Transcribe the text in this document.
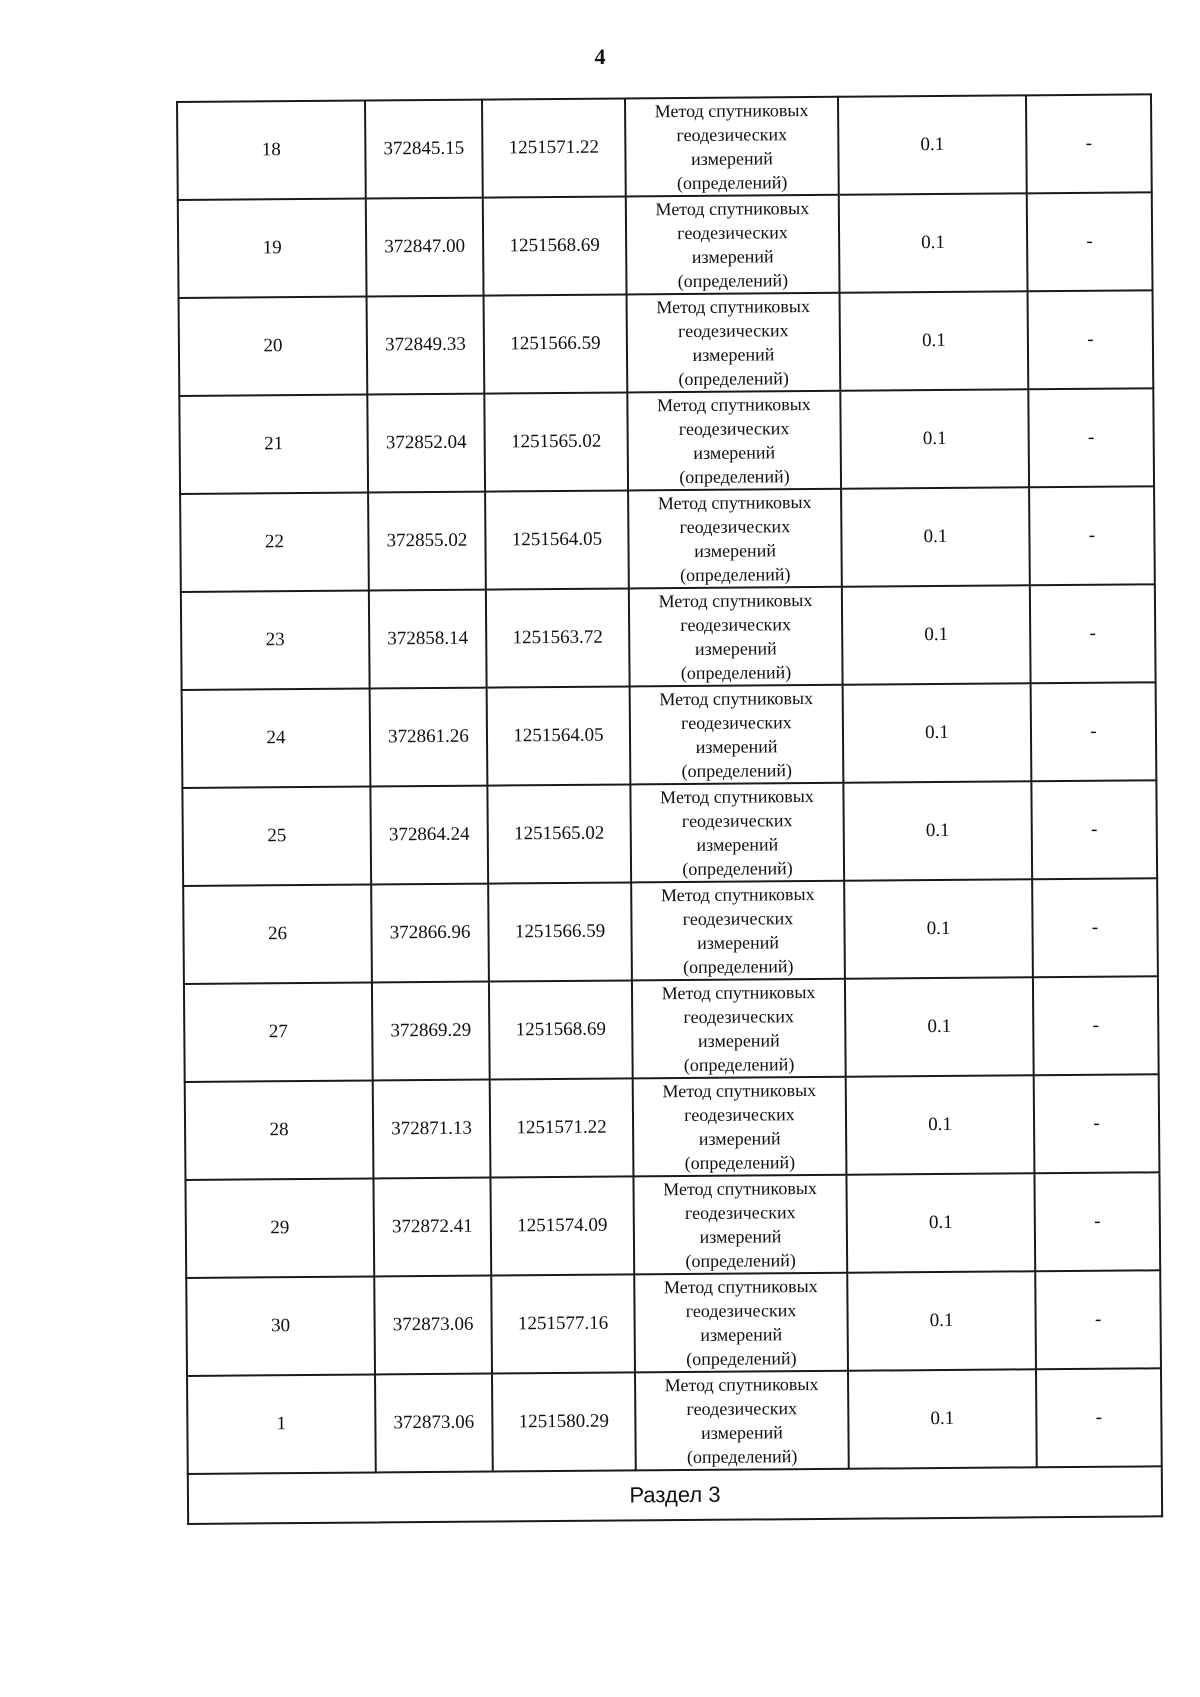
4
18	372845.15	1251571.22	Метод спутниковых
геодезических
измерений
(определений)	0.1	-
19	372847.00	1251568.69	Метод спутниковых
геодезических
измерений
(определений)	0.1	-
20	372849.33	1251566.59	Метод спутниковых
геодезических
измерений
(определений)	0.1	-
21	372852.04	1251565.02	Метод спутниковых
геодезических
измерений
(определений)	0.1	-
22	372855.02	1251564.05	Метод спутниковых
геодезических
измерений
(определений)	0.1	-
23	372858.14	1251563.72	Метод спутниковых
геодезических
измерений
(определений)	0.1	-
24	372861.26	1251564.05	Метод спутниковых
геодезических
измерений
(определений)	0.1	-
25	372864.24	1251565.02	Метод спутниковых
геодезических
измерений
(определений)	0.1	-
26	372866.96	1251566.59	Метод спутниковых
геодезических
измерений
(определений)	0.1	-
27	372869.29	1251568.69	Метод спутниковых
геодезических
измерений
(определений)	0.1	-
28	372871.13	1251571.22	Метод спутниковых
геодезических
измерений
(определений)	0.1	-
29	372872.41	1251574.09	Метод спутниковых
геодезических
измерений
(определений)	0.1	-
30	372873.06	1251577.16	Метод спутниковых
геодезических
измерений
(определений)	0.1	-
1	372873.06	1251580.29	Метод спутниковых
геодезических
измерений
(определений)	0.1	-
Раздел 3					
